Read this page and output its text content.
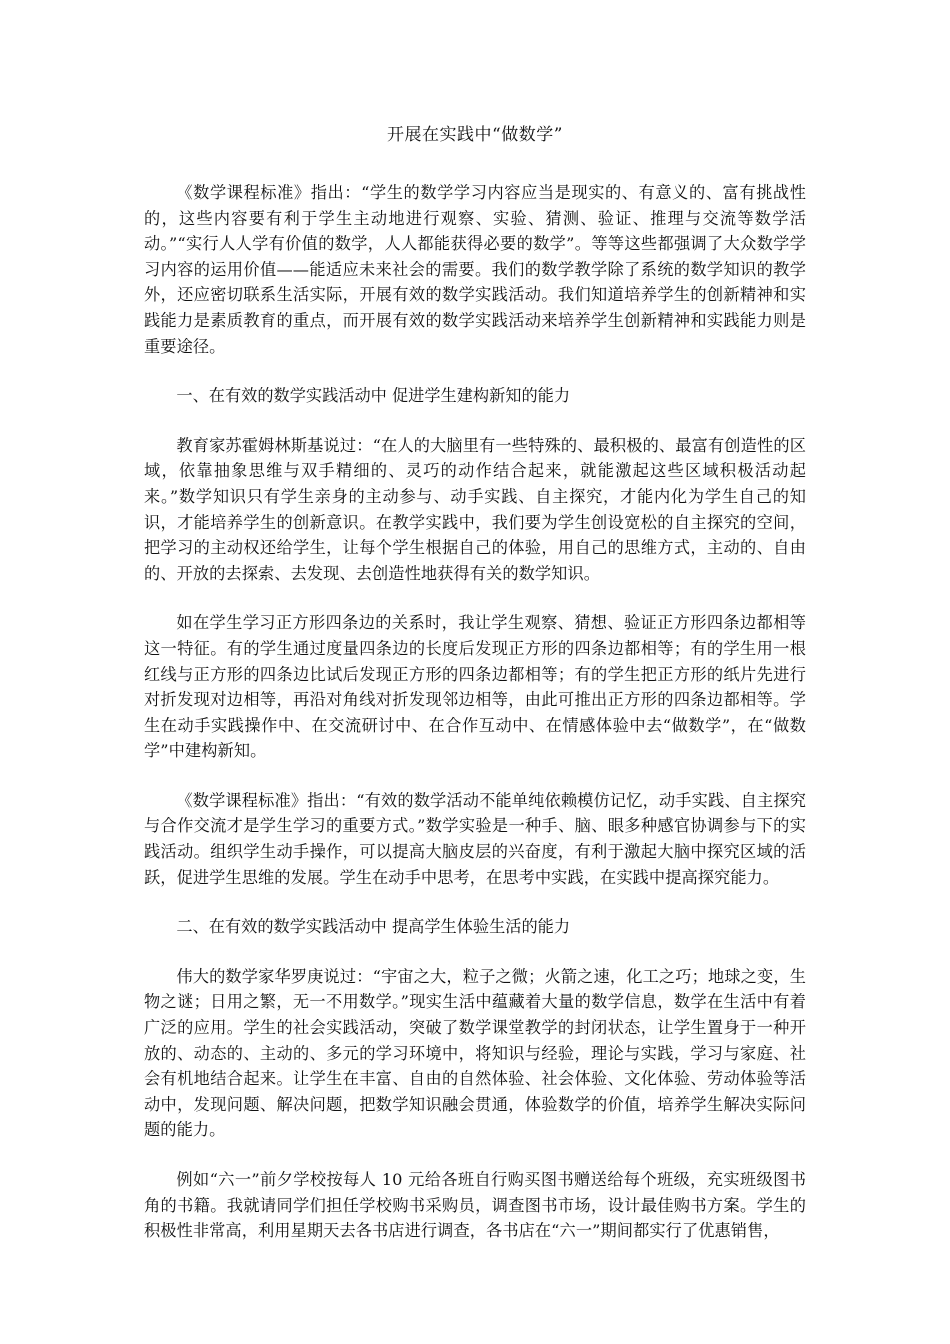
开展在实践中“做数学”

《数学课程标准》指出：“学生的数学学习内容应当是现实的、有意义的、富有挑战性的，这些内容要有利于学生主动地进行观察、实验、猜测、验证、推理与交流等数学活动。”“实行人人学有价值的数学，人人都能获得必要的数学”。等等这些都强调了大众数学学习内容的运用价值——能适应未来社会的需要。我们的数学教学除了系统的数学知识的教学外，还应密切联系生活实际，开展有效的数学实践活动。我们知道培养学生的创新精神和实践能力是素质教育的重点，而开展有效的数学实践活动来培养学生创新精神和实践能力则是重要途径。

一、在有效的数学实践活动中 促进学生建构新知的能力

教育家苏霍姆林斯基说过：“在人的大脑里有一些特殊的、最积极的、最富有创造性的区域，依靠抽象思维与双手精细的、灵巧的动作结合起来，就能激起这些区域积极活动起来。”数学知识只有学生亲身的主动参与、动手实践、自主探究，才能内化为学生自己的知识，才能培养学生的创新意识。在教学实践中，我们要为学生创设宽松的自主探究的空间，把学习的主动权还给学生，让每个学生根据自己的体验，用自己的思维方式，主动的、自由的、开放的去探索、去发现、去创造性地获得有关的数学知识。

如在学生学习正方形四条边的关系时，我让学生观察、猜想、验证正方形四条边都相等这一特征。有的学生通过度量四条边的长度后发现正方形的四条边都相等；有的学生用一根红线与正方形的四条边比试后发现正方形的四条边都相等；有的学生把正方形的纸片先进行对折发现对边相等，再沿对角线对折发现邻边相等，由此可推出正方形的四条边都相等。学生在动手实践操作中、在交流研讨中、在合作互动中、在情感体验中去“做数学”，在“做数学”中建构新知。

《数学课程标准》指出：“有效的数学活动不能单纯依赖模仿记忆，动手实践、自主探究与合作交流才是学生学习的重要方式。”数学实验是一种手、脑、眼多种感官协调参与下的实践活动。组织学生动手操作，可以提高大脑皮层的兴奋度，有利于激起大脑中探究区域的活跃，促进学生思维的发展。学生在动手中思考，在思考中实践，在实践中提高探究能力。

二、在有效的数学实践活动中 提高学生体验生活的能力

伟大的数学家华罗庚说过：“宇宙之大，粒子之微；火箭之速，化工之巧；地球之变，生物之谜；日用之繁，无一不用数学。”现实生活中蕴藏着大量的数学信息，数学在生活中有着广泛的应用。学生的社会实践活动，突破了数学课堂教学的封闭状态，让学生置身于一种开放的、动态的、主动的、多元的学习环境中，将知识与经验，理论与实践，学习与家庭、社会有机地结合起来。让学生在丰富、自由的自然体验、社会体验、文化体验、劳动体验等活动中，发现问题、解决问题，把数学知识融会贯通，体验数学的价值，培养学生解决实际问题的能力。

例如“六一”前夕学校按每人 10 元给各班自行购买图书赠送给每个班级，充实班级图书角的书籍。我就请同学们担任学校购书采购员，调查图书市场，设计最佳购书方案。学生的积极性非常高，利用星期天去各书店进行调查，各书店在“六一”期间都实行了优惠销售，
